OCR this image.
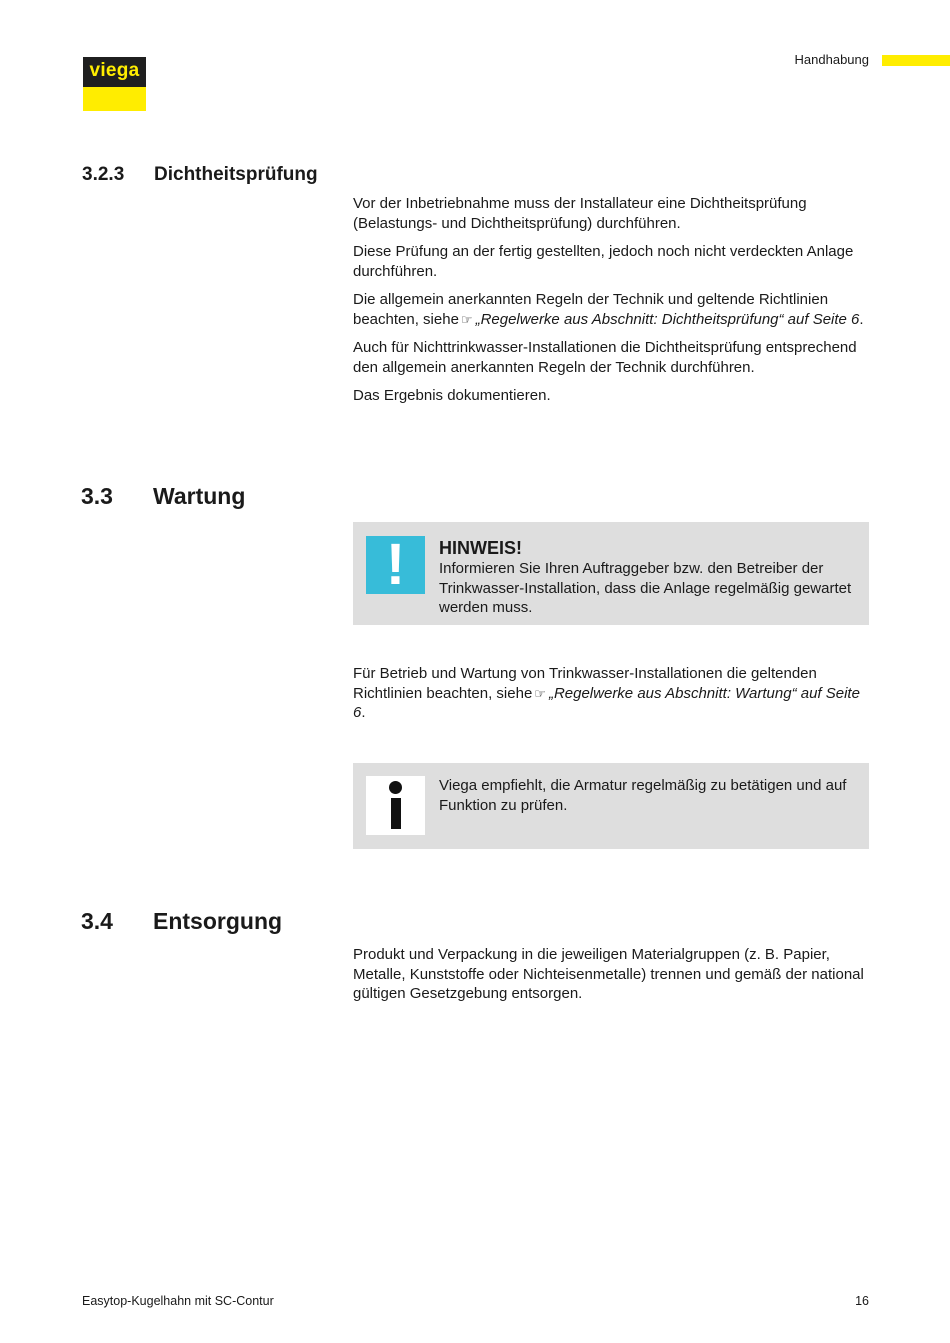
viega
Handhabung
3.2.3 Dichtheitsprüfung

Vor der Inbetriebnahme muss der Installateur eine Dichtheitsprüfung (Belastungs- und Dichtheitsprüfung) durchführen.

Diese Prüfung an der fertig gestellten, jedoch noch nicht verdeckten Anlage durchführen.

Die allgemein anerkannten Regeln der Technik und geltende Richtlinien beachten, siehe ☞ „Regelwerke aus Abschnitt: Dichtheitsprüfung“ auf Seite 6.

Auch für Nichttrinkwasser-Installationen die Dichtheitsprüfung entsprechend den allgemein anerkannten Regeln der Technik durchführen.

Das Ergebnis dokumentieren.

3.3 Wartung
!	HINWEIS!
Informieren Sie Ihren Auftraggeber bzw. den Betreiber der Trinkwasser-Installation, dass die Anlage regelmäßig gewartet werden muss.

Für Betrieb und Wartung von Trinkwasser-Installationen die geltenden Richtlinien beachten, siehe ☞ „Regelwerke aus Abschnitt: Wartung“ auf Seite 6.

Viega empfiehlt, die Armatur regelmäßig zu betätigen und auf Funktion zu prüfen.
3.4 Entsorgung

Produkt und Verpackung in die jeweiligen Materialgruppen (z. B. Papier, Metalle, Kunststoffe oder Nichteisenmetalle) trennen und gemäß der national gültigen Gesetzgebung entsorgen.

Easytop-Kugelhahn mit SC-Contur	16
